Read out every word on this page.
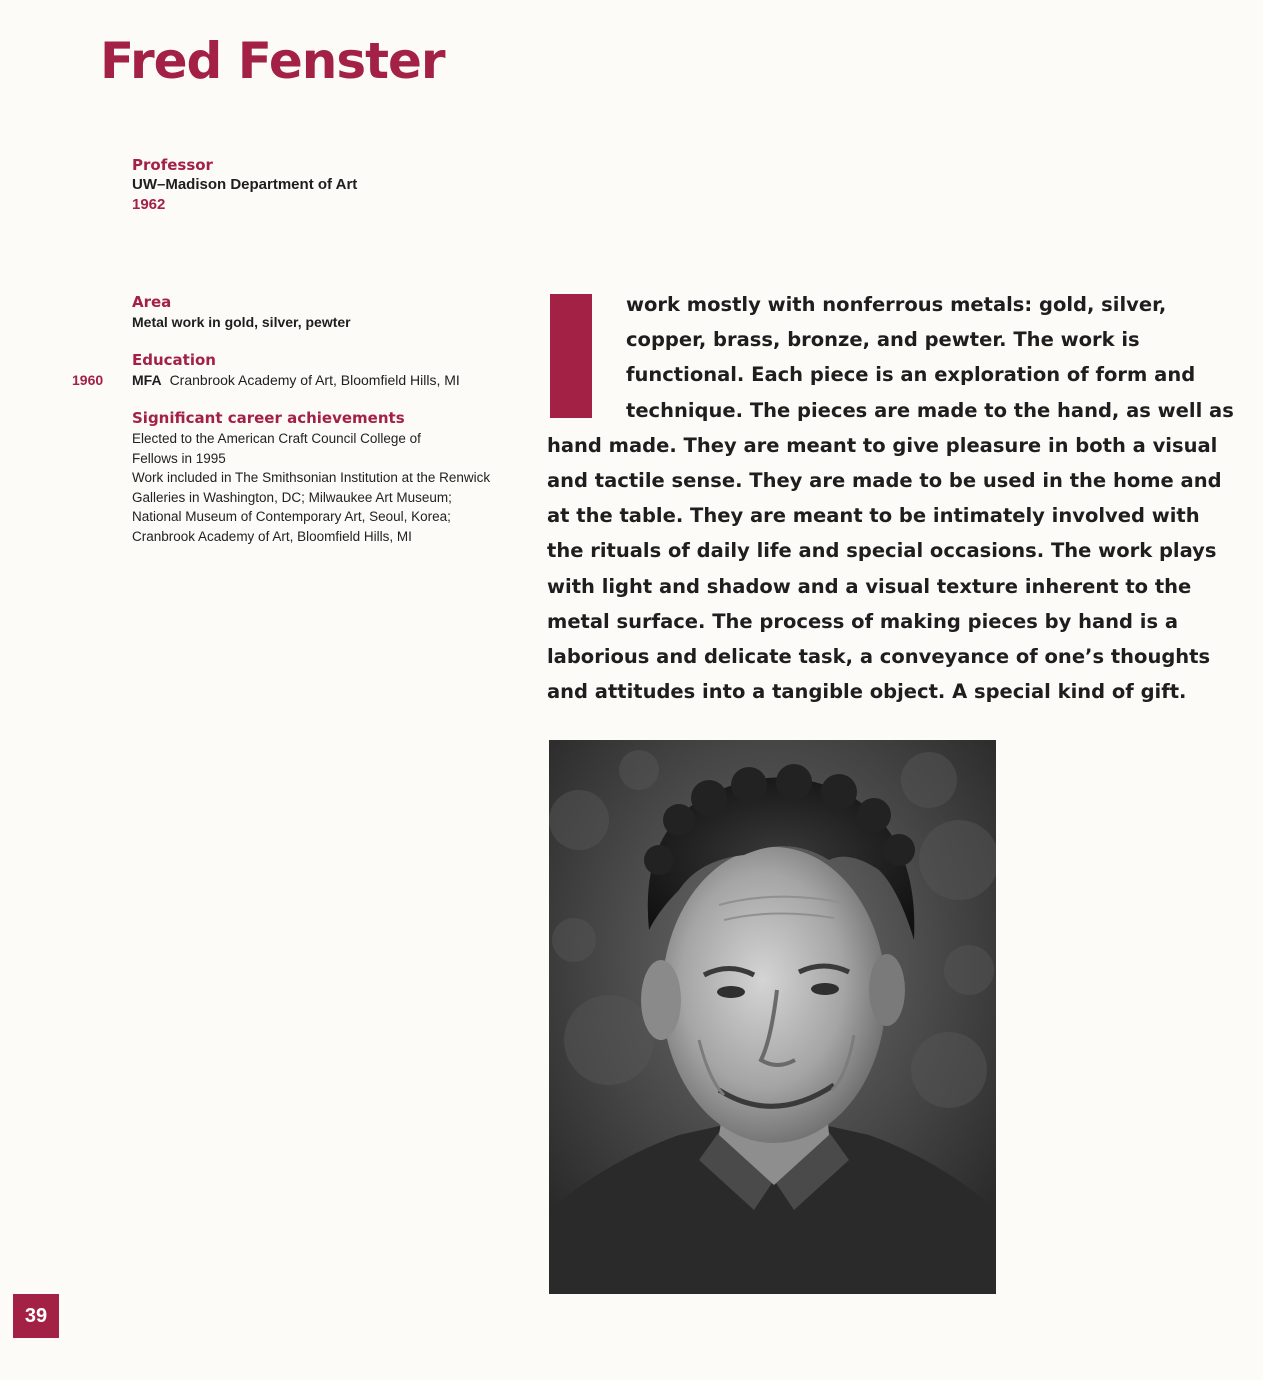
Fred Fenster
Professor
UW–Madison Department of Art
1962
Area
Metal work in gold, silver, pewter
Education
1960 MFA Cranbrook Academy of Art, Bloomfield Hills, MI
Significant career achievements
Elected to the American Craft Council College of
Fellows in 1995
Work included in The Smithsonian Institution at the Renwick
Galleries in Washington, DC; Milwaukee Art Museum;
National Museum of Contemporary Art, Seoul, Korea;
Cranbrook Academy of Art, Bloomfield Hills, MI
work mostly with nonferrous metals: gold, silver,
copper, brass, bronze, and pewter. The work is
functional. Each piece is an exploration of form and
technique. The pieces are made to the hand, as well as
hand made. They are meant to give pleasure in both a visual
and tactile sense. They are made to be used in the home and
at the table. They are meant to be intimately involved with
the rituals of daily life and special occasions. The work plays
with light and shadow and a visual texture inherent to the
metal surface. The process of making pieces by hand is a
laborious and delicate task, a conveyance of one’s thoughts
and attitudes into a tangible object. A special kind of gift.
39
